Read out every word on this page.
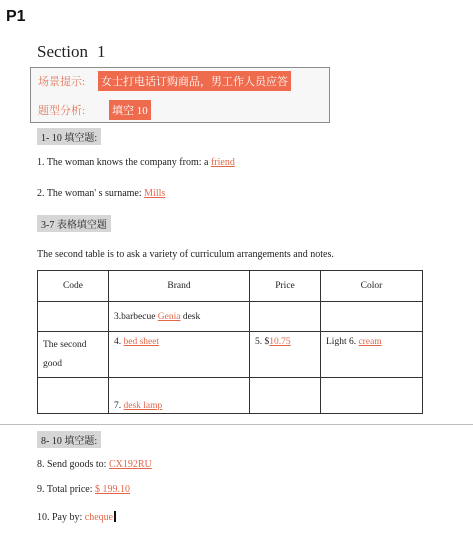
P1
Section 1
场景提示: 女士打电话订购商品，男工作人员应答
题型分析: 填空 10
1- 10 填空题:
1. The woman knows the company from: a friend
2. The woman' s surname: Mills
3-7 表格填空题
The second table is to ask a variety of curriculum arrangements and notes.
Code	Brand	Price	Color
	3.barbecue Genia desk		
The second
good	4. bed sheet	5. $10.75	Light 6. cream
	7. desk lamp		
8- 10 填空题:
8. Send goods to: CX192RU
9. Total price: $ 199.10
10. Pay by: cheque
